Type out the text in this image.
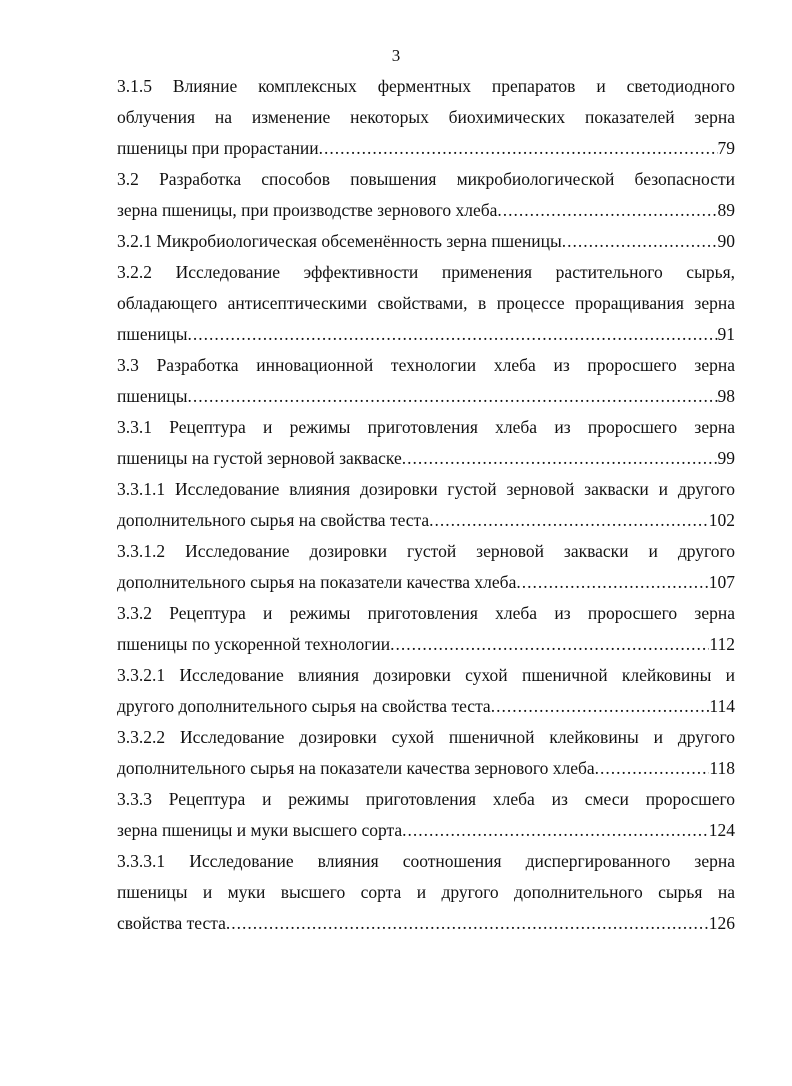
3
3.1.5 Влияние комплексных ферментных препаратов и светодиодного
облучения на изменение некоторых биохимических показателей зерна
пшеницы при прорастании .....	79
3.2 Разработка способов повышения микробиологической безопасности
зерна пшеницы, при производстве зернового хлеба .....	89
3.2.1 Микробиологическая обсеменённость зерна пшеницы .....	90
3.2.2 Исследование эффективности применения растительного сырья,
обладающего антисептическими свойствами, в процессе проращивания зерна
пшеницы .....	91
3.3 Разработка инновационной технологии хлеба из проросшего зерна
пшеницы .....	98
3.3.1 Рецептура и режимы приготовления хлеба из проросшего зерна
пшеницы на густой зерновой закваске .....	99
3.3.1.1 Исследование влияния дозировки густой зерновой закваски и другого
дополнительного сырья на свойства теста .....	102
3.3.1.2 Исследование дозировки густой зерновой закваски и другого
дополнительного сырья на показатели качества хлеба .....	107
3.3.2 Рецептура и режимы приготовления хлеба из проросшего зерна
пшеницы по ускоренной технологии .....	112
3.3.2.1 Исследование влияния дозировки сухой пшеничной клейковины и
другого дополнительного сырья на свойства теста .....	114
3.3.2.2 Исследование дозировки сухой пшеничной клейковины и другого
дополнительного сырья на показатели качества зернового хлеба .....	118
3.3.3 Рецептура и режимы приготовления хлеба из смеси проросшего
зерна пшеницы и муки высшего сорта .....	124
3.3.3.1 Исследование влияния соотношения диспергированного зерна
пшеницы и муки высшего сорта и другого дополнительного сырья на
свойства теста .....	126
